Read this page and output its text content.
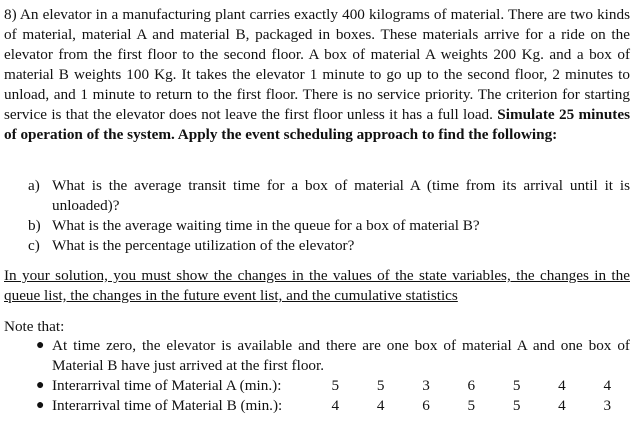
8) An elevator in a manufacturing plant carries exactly 400 kilograms of material. There are two kinds of material, material A and material B, packaged in boxes. These materials arrive for a ride on the elevator from the first floor to the second floor. A box of material A weights 200 Kg. and a box of material B weights 100 Kg. It takes the elevator 1 minute to go up to the second floor, 2 minutes to unload, and 1 minute to return to the first floor. There is no service priority. The criterion for starting service is that the elevator does not leave the first floor unless it has a full load. Simulate 25 minutes of operation of the system. Apply the event scheduling approach to find the following:

a) What is the average transit time for a box of material A (time from its arrival until it is unloaded)?
b) What is the average waiting time in the queue for a box of material B?
c) What is the percentage utilization of the elevator?

In your solution, you must show the changes in the values of the state variables, the changes in the queue list, the changes in the future event list, and the cumulative statistics

Note that:

● At time zero, the elevator is available and there are one box of material A and one box of Material B have just arrived at the first floor.
● Interarrival time of Material A (min.):	5	5	3	6	5	4	4
● Interarrival time of Material B (min.):	4	4	6	5	5	4	3
